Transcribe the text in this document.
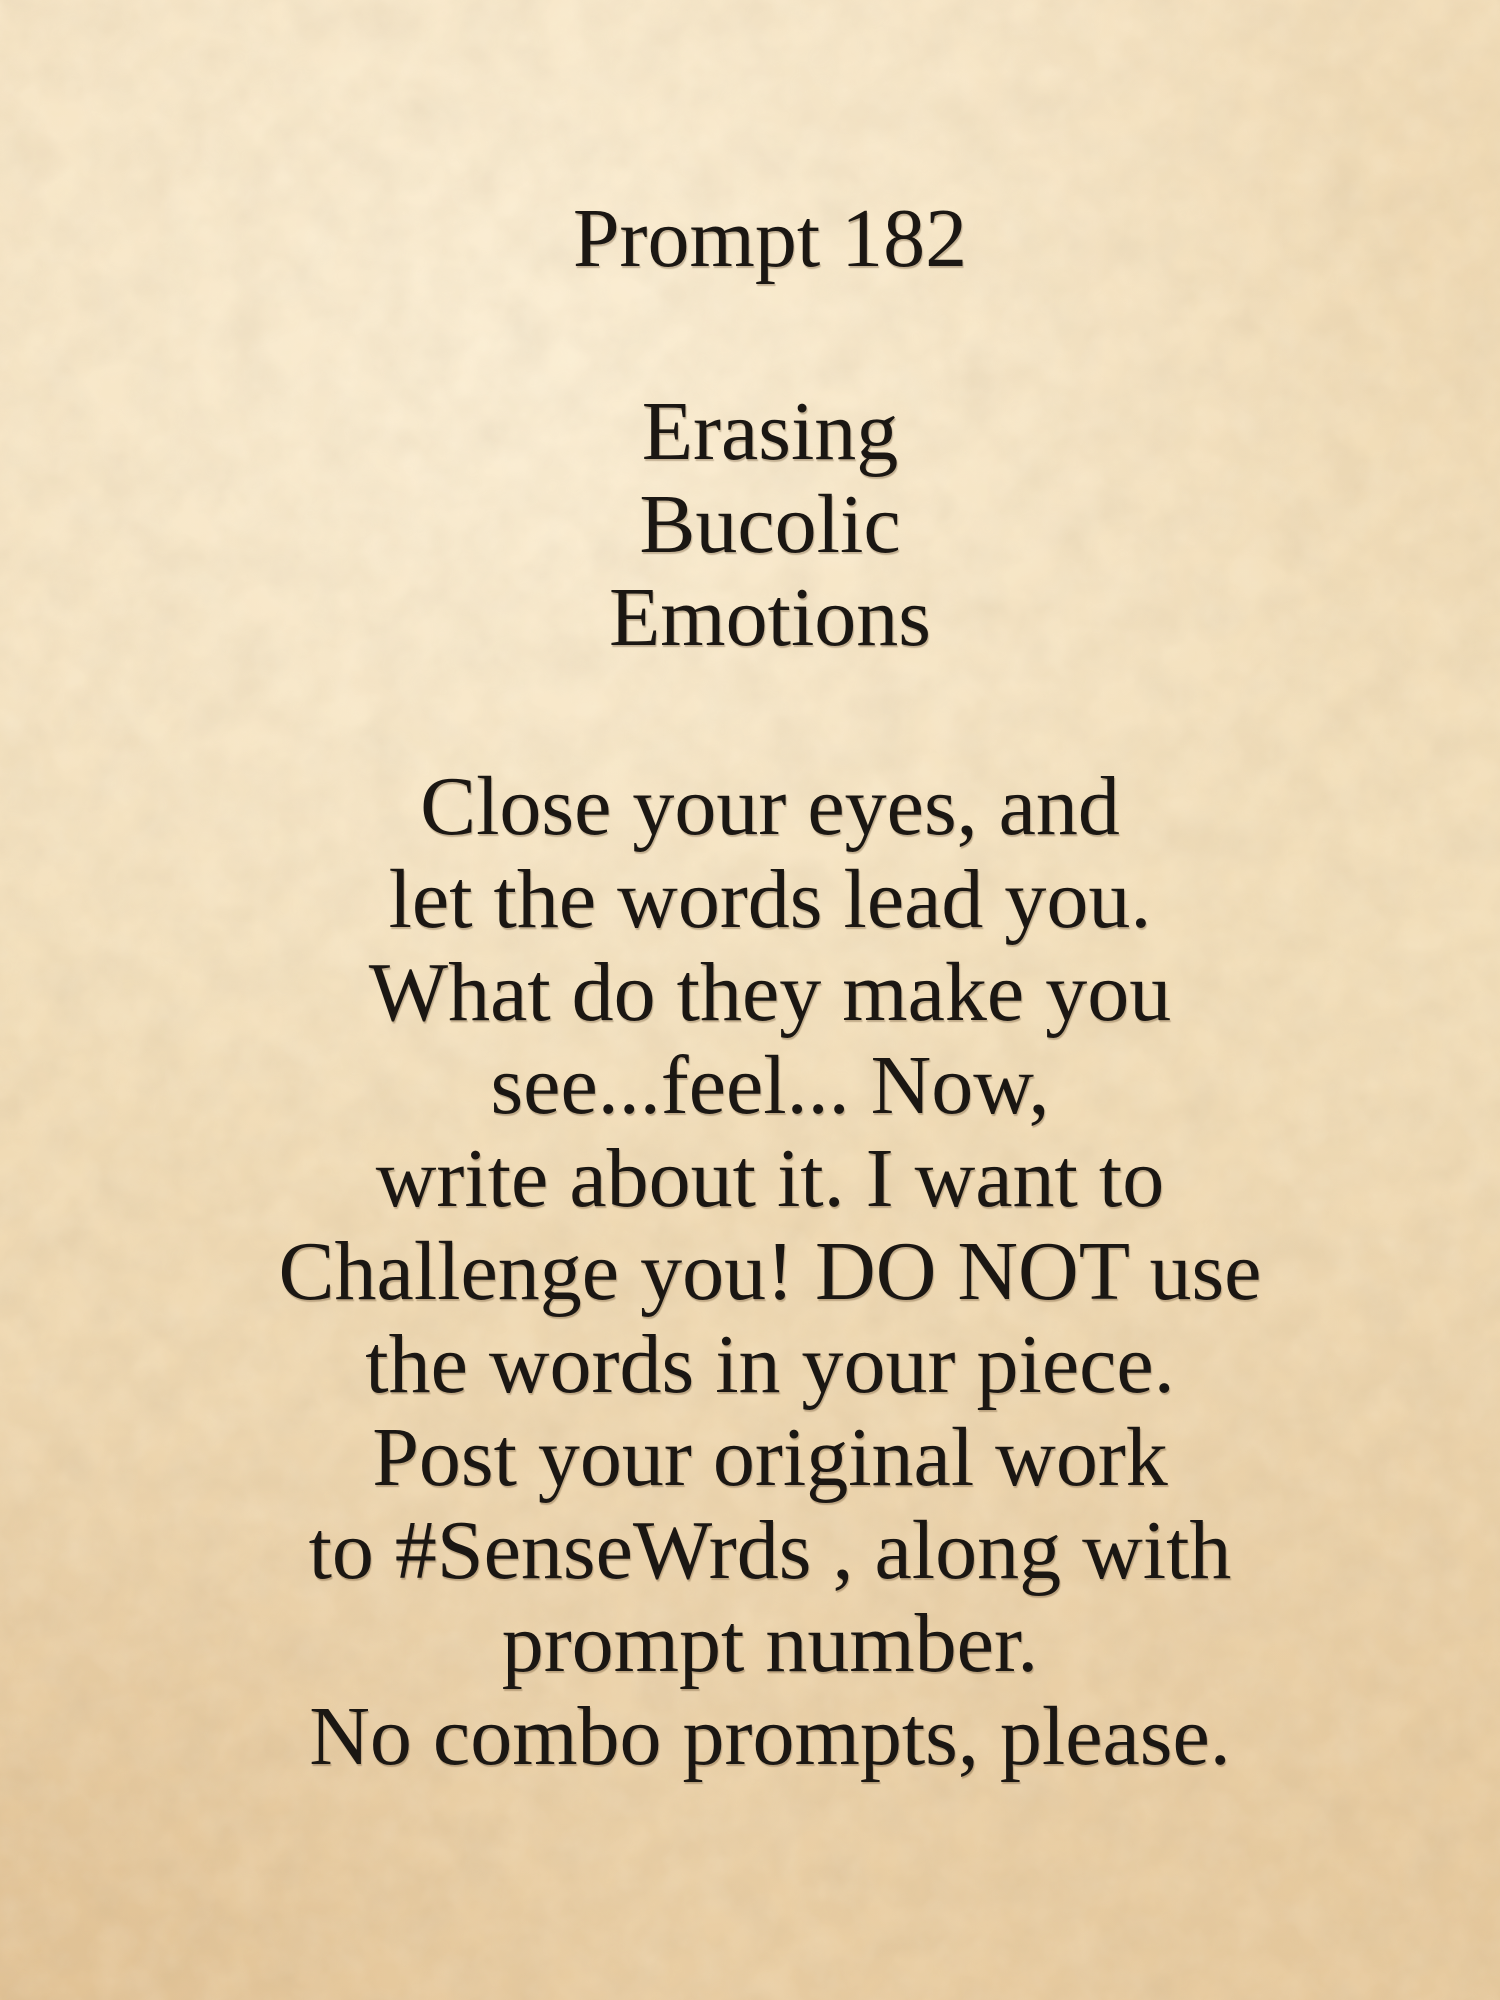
Prompt 182
Erasing
Bucolic
Emotions
Close your eyes, and
let the words lead you.
What do they make you
see...feel... Now,
write about it. I want to
Challenge you! DO NOT use
the words in your piece.
Post your original work
to #SenseWrds , along with
prompt number.
No combo prompts, please.
